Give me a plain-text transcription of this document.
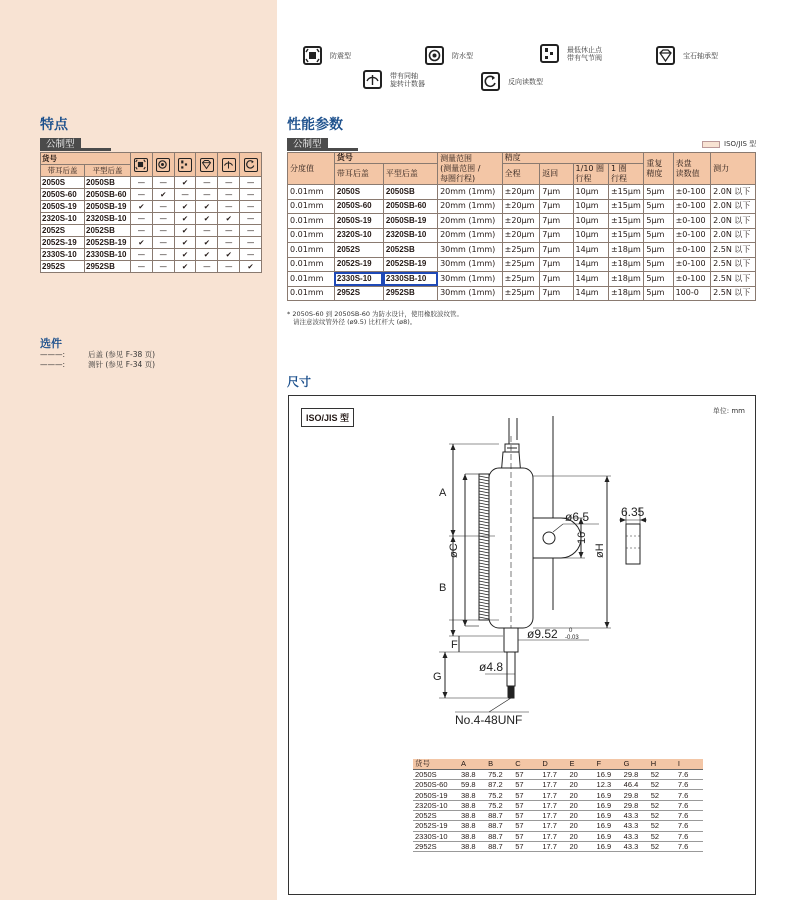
防震型	防水型
最低休止点
带有气节阀	宝石轴承型
带有同轴
旋转计数器	反向读数型
特点
公制型
货号	

带耳后盖	平型后盖						
2050S	2050SB	—	—	✔	—	—	—
2050S-60	2050SB-60	—	✔	—	—	—	—
2050S-19	2050SB-19	✔	—	✔	✔	—	—
2320S-10	2320SB-10	—	—	✔	✔	✔	—
2052S	2052SB	—	—	✔	—	—	—
2052S-19	2052SB-19	✔	—	✔	✔	—	—
2330S-10	2330SB-10	—	—	✔	✔	✔	—
2952S	2952SB	—	—	✔	—	—	✔
选件
———:	后盖 (参见 F-38 页)
———:	测针 (参见 F-34 页)
性能参数
公制型	ISO/JIS 型
分度值	货号		测量范围
(测量范围 /
每圈行程)	精度				重复
精度	表盘
读数值	测力
	带耳后盖	平型后盖		全程	返回	1/10 圈
行程	1 圈
行程			
0.01mm	2050S	2050SB	20mm (1mm)	±20μm	7μm	10μm	±15μm	5μm	±0-100	2.0N 以下
0.01mm	2050S-60	2050SB-60	20mm (1mm)	±20μm	7μm	10μm	±15μm	5μm	±0-100	2.0N 以下
0.01mm	2050S-19	2050SB-19	20mm (1mm)	±20μm	7μm	10μm	±15μm	5μm	±0-100	2.0N 以下
0.01mm	2320S-10	2320SB-10	20mm (1mm)	±20μm	7μm	10μm	±15μm	5μm	±0-100	2.0N 以下
0.01mm	2052S	2052SB	30mm (1mm)	±25μm	7μm	14μm	±18μm	5μm	±0-100	2.5N 以下
0.01mm	2052S-19	2052SB-19	30mm (1mm)	±25μm	7μm	14μm	±18μm	5μm	±0-100	2.5N 以下
0.01mm	2330S-10	2330SB-10	30mm (1mm)	±25μm	7μm	14μm	±18μm	5μm	±0-100	2.5N 以下
0.01mm	2952S	2952SB	30mm (1mm)	±25μm	7μm	14μm	±18μm	5μm	100-0	2.5N 以下
* 2050S-60 到 2050SB-60 为防水设计，使用橡胶波纹管。
请注意波纹管外径 (ø9.5) 比杠杆大 (ø8)。
尺寸
A
B
øC
F
G
øH
ø6.5
16
6.35
ø9.52 0
-0.03
ø4.8
No.4-48UNF
ISO/JIS 型
单位: mm
货号	A	B	C	D	E	F	G	H	I
2050S	38.8	75.2	57	17.7	20	16.9	29.8	52	7.6
2050S-60	59.8	87.2	57	17.7	20	12.3	46.4	52	7.6
2050S-19	38.8	75.2	57	17.7	20	16.9	29.8	52	7.6
2320S-10	38.8	75.2	57	17.7	20	16.9	29.8	52	7.6
2052S	38.8	88.7	57	17.7	20	16.9	43.3	52	7.6
2052S-19	38.8	88.7	57	17.7	20	16.9	43.3	52	7.6
2330S-10	38.8	88.7	57	17.7	20	16.9	43.3	52	7.6
2952S	38.8	88.7	57	17.7	20	16.9	43.3	52	7.6
